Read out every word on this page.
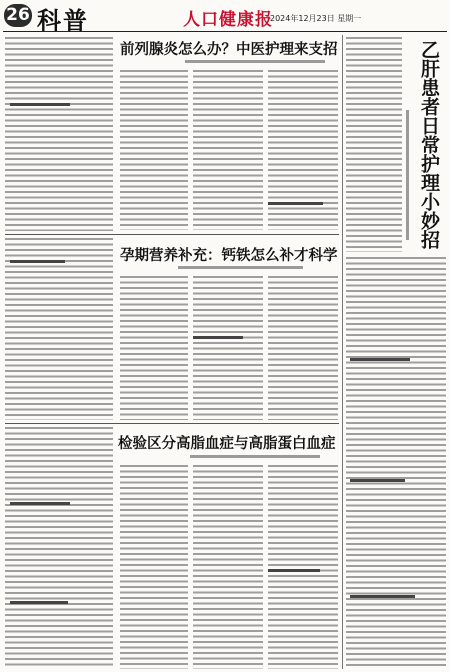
26 科普	人口健康报
2024年12月23日 星期一
前列腺炎怎么办？中医护理来支招	乙肝患者日常护理小妙招
孕期营养补充：钙铁怎么补才科学
检验区分高脂血症与高脂蛋白血症
